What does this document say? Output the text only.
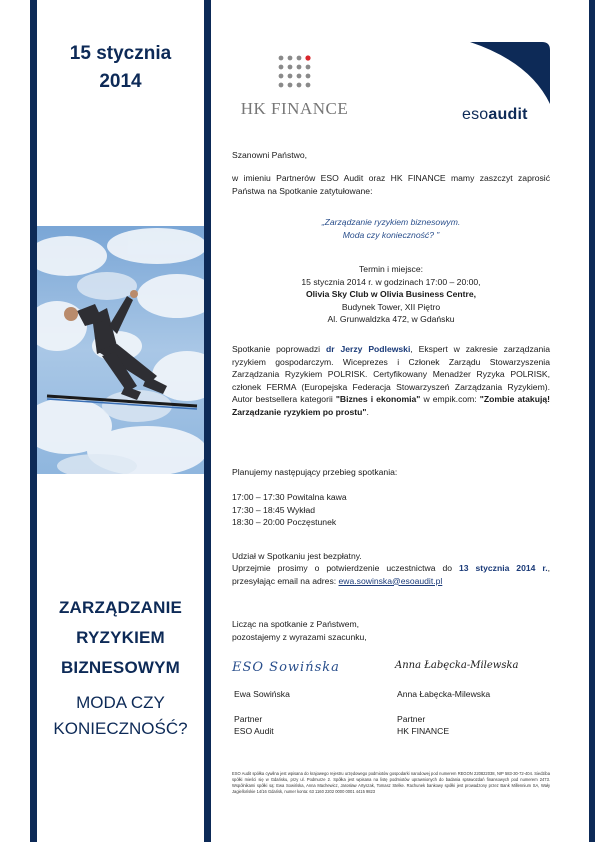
15 stycznia
2014
ZARZĄDZANIE
RYZYKIEM
BIZNESOWYM
MODA CZY
KONIECZNOŚĆ?
HK FINANCE	esoaudit
Szanowni Państwo,
w imieniu Partnerów ESO Audit oraz HK FINANCE mamy zaszczyt zaprosić Państwa na Spotkanie zatytułowane:
„Zarządzanie ryzykiem biznesowym.
Moda czy konieczność? ”
Termin i miejsce:
15 stycznia 2014 r. w godzinach 17:00 – 20:00,
Olivia Sky Club w Olivia Business Centre,
Budynek Tower, XII Piętro
Al. Grunwaldzka 472, w Gdańsku
Spotkanie poprowadzi dr Jerzy Podlewski, Ekspert w zakresie zarządzania ryzykiem gospodarczym. Wiceprezes i Członek Zarządu Stowarzyszenia Zarządzania Ryzykiem POLRISK. Certyfikowany Menadżer Ryzyka POLRISK, członek FERMA (Europejska Federacja Stowarzyszeń Zarządzania Ryzykiem). Autor bestsellera kategorii "Biznes i ekonomia" w empik.com: "Zombie atakują! Zarządzanie ryzykiem po prostu".
Planujemy następujący przebieg spotkania:
17:00 – 17:30 Powitalna kawa
17:30 – 18:45 Wykład
18:30 – 20:00 Poczęstunek
Udział w Spotkaniu jest bezpłatny.
Uprzejmie prosimy o potwierdzenie uczestnictwa do 13 stycznia 2014 r., przesyłając email na adres: ewa.sowinska@esoaudit.pl
Licząc na spotkanie z Państwem,
pozostajemy z wyrazami szacunku,
ESO Sowińska	Anna Łabęcka-Milewska
Ewa Sowińska
Partner
ESO Audit
Anna Łabęcka-Milewska
Partner
HK FINANCE
ESO Audit spółka cywilna jest wpisana do krajowego rejestru urzędowego podmiotów gospodarki narodowej pod numerem REGON 220822038, NIP 583-30-72-404. Siedziba spółki mieści się w Gdańsku, przy ul. Podmurze 2. Spółka jest wpisana na listę podmiotów uprawnionych do badania sprawozdań finansowych pod numerem 2473. Wspólnikami spółki są: Ewa Sowińska, Anna Machewicz, Jarosław Artyszak, Tomasz Stelke. Rachunek bankowy spółki jest prowadzony przez Bank Millennium SA, Wały Jagiellońskie 14/16 Gdańsk, numer konta: 63 1160 2202 0000 0001 4415 9823
